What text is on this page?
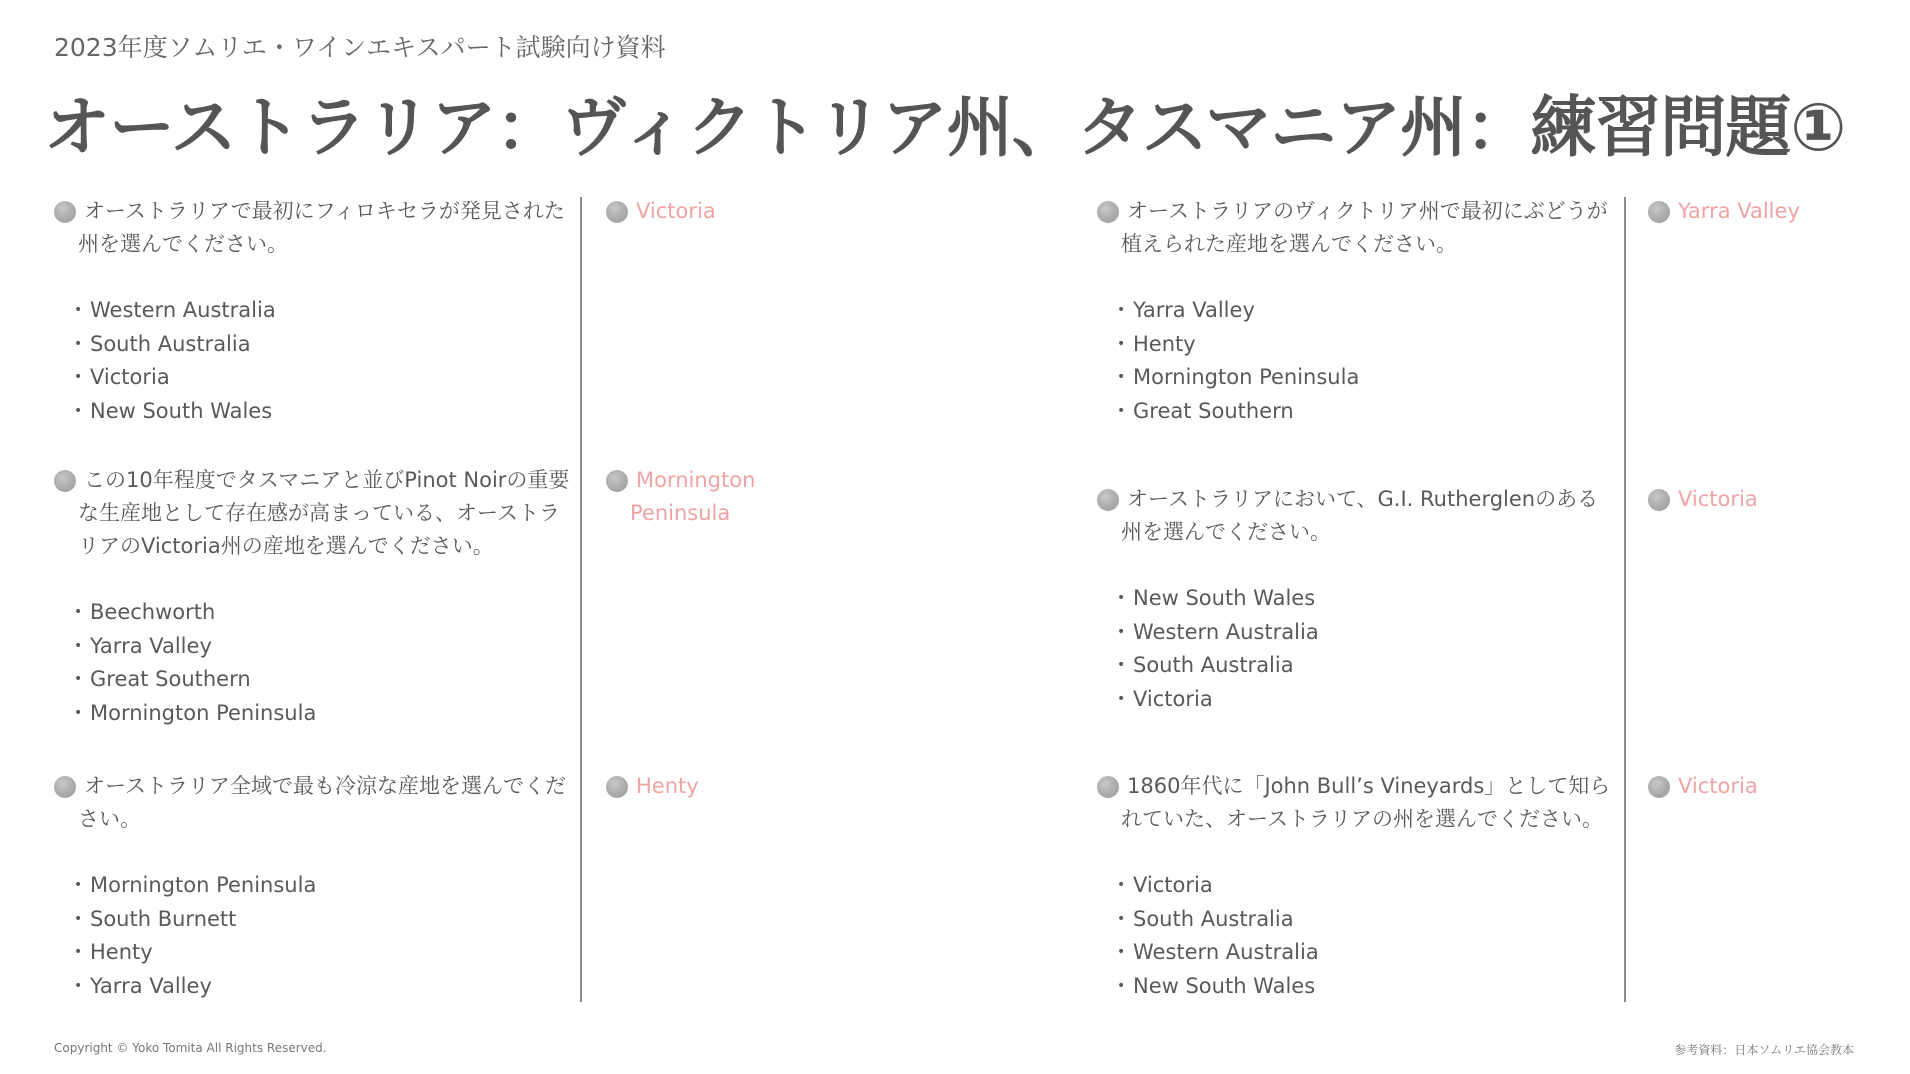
2023年度ソムリエ・ワインエキスパート試験向け資料
オーストラリア：ヴィクトリア州、タスマニア州：練習問題①
オーストラリアで最初にフィロキセラが発見された州を選んでください。
• Western Australia
• South Australia
• Victoria
• New South Wales
この10年程度でタスマニアと並びPinot Noirの重要な生産地として存在感が高まっている、オーストラリアのVictoria州の産地を選んでください。
• Beechworth
• Yarra Valley
• Great Southern
• Mornington Peninsula
オーストラリア全域で最も冷涼な産地を選んでください。
• Mornington Peninsula
• South Burnett
• Henty
• Yarra Valley
Victoria
Mornington Peninsula
Henty
オーストラリアのヴィクトリア州で最初にぶどうが植えられた産地を選んでください。
• Yarra Valley
• Henty
• Mornington Peninsula
• Great Southern
オーストラリアにおいて、G.I. Rutherglenのある州を選んでください。
• New South Wales
• Western Australia
• South Australia
• Victoria
1860年代に「John Bull’s Vineyards」として知られていた、オーストラリアの州を選んでください。
• Victoria
• South Australia
• Western Australia
• New South Wales
Yarra Valley
Victoria
Victoria
Copyright © Yoko Tomita All Rights Reserved.	参考資料：日本ソムリエ協会教本
